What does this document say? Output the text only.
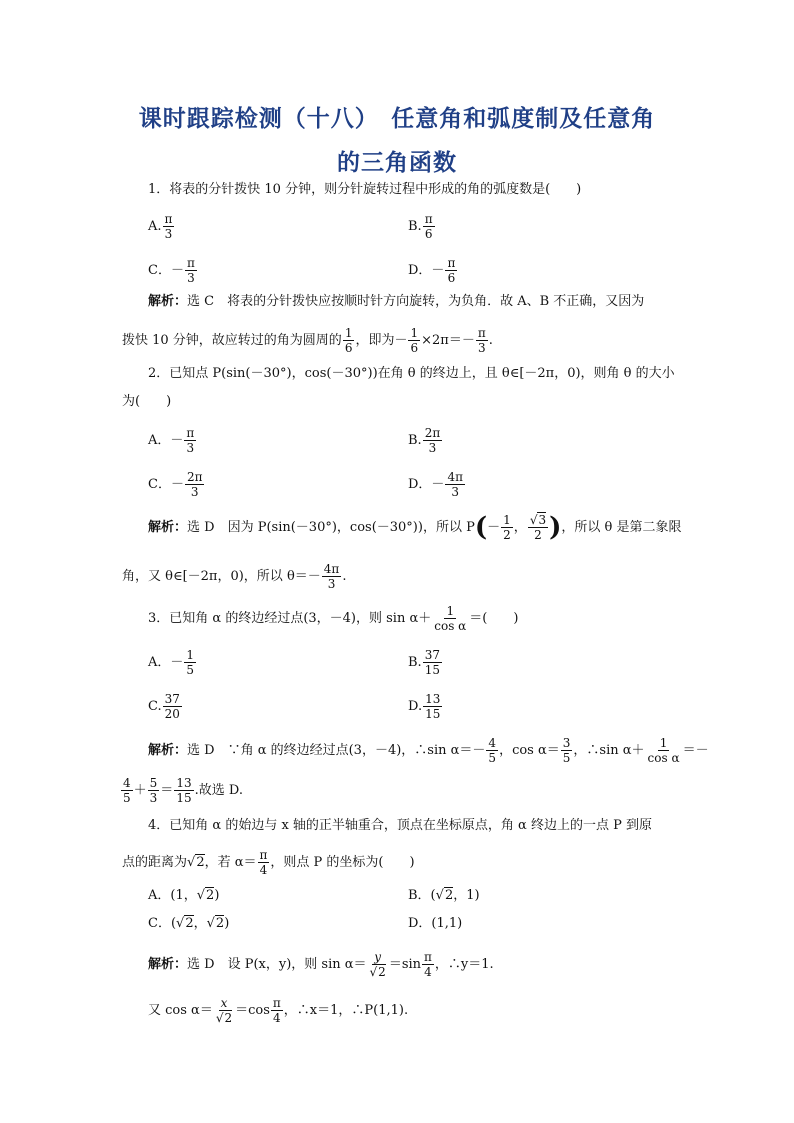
课时跟踪检测（十八）　任意角和弧度制及任意角
的三角函数
1．将表的分针拨快 10 分钟，则分针旋转过程中形成的角的弧度数是(　　)
A. $\frac{\pi}{3}$	B. $\frac{\pi}{6}$
C．－ $\frac{\pi}{3}$	D．－ $\frac{\pi}{6}$
解析：选 C　将表的分针拨快应按顺时针方向旋转，为负角．故 A、B 不正确，又因为
拨快 10 分钟，故应转过的角为圆周的 $\frac{1}{6}$ ，即为－ $\frac{1}{6} \times 2\pi=- \frac{\pi}{3}$ .
2．已知点 P(sin(－30°)，cos(－30°))在角 θ 的终边上，且 θ∈[－2π，0)，则角 θ 的大小
为(　　)
A．－ $\frac{\pi}{3}$	B. $\frac{2\pi}{3}$
C．－ $\frac{2\pi}{3}$	D．－ $\frac{4\pi}{3}$
解析：选 D　因为 P(sin(－30°)，cos(－30°))，所以 $P(- \frac{1}{2}$ ， $\frac{√3}{2}$ )，所以 θ 是第二象限
角，又 θ∈[－2π，0)，所以 $\theta=- \frac{4\pi}{3}$ .
3．已知角 α 的终边经过点(3，－4)，则 $\sin \alpha+ \frac{1}{\text{cos α}}$ ＝(　　)
A．－ $\frac{1}{5}$	B. $\frac{37}{15}$
C. $\frac{37}{20}$	D. $\frac{13}{15}$
解析：选 D　∵角 α 的终边经过点(3，－4)，∴sin $\alpha=- \frac{4}{5}$ ，$\cos \alpha= \frac{3}{5}$ ，∴sin $\alpha+ \frac{1}{\text{cos α}}$ ＝－
$\frac{4}{5} + \frac{5}{3} = \frac{13}{15}$ .故选 D.
4．已知角 α 的始边与 x 轴的正半轴重合，顶点在坐标原点，角 α 终边上的一点 P 到原
点的距离为√2，若 $\alpha= \frac{\pi}{4}$ ，则点 P 的坐标为(　　)
A．(1，√2)	B．(√2，1)
C．(√2，√2)	D．(1,1)
解析：选 D　设 P(x，y)，则 $\sin \alpha= \frac{y}{√2} =\sin \frac{\pi}{4}$ ，∴y＝1.
又 $\cos \alpha= \frac{x}{√2} =\cos \frac{\pi}{4}$ ，∴x＝1，∴P(1,1).
